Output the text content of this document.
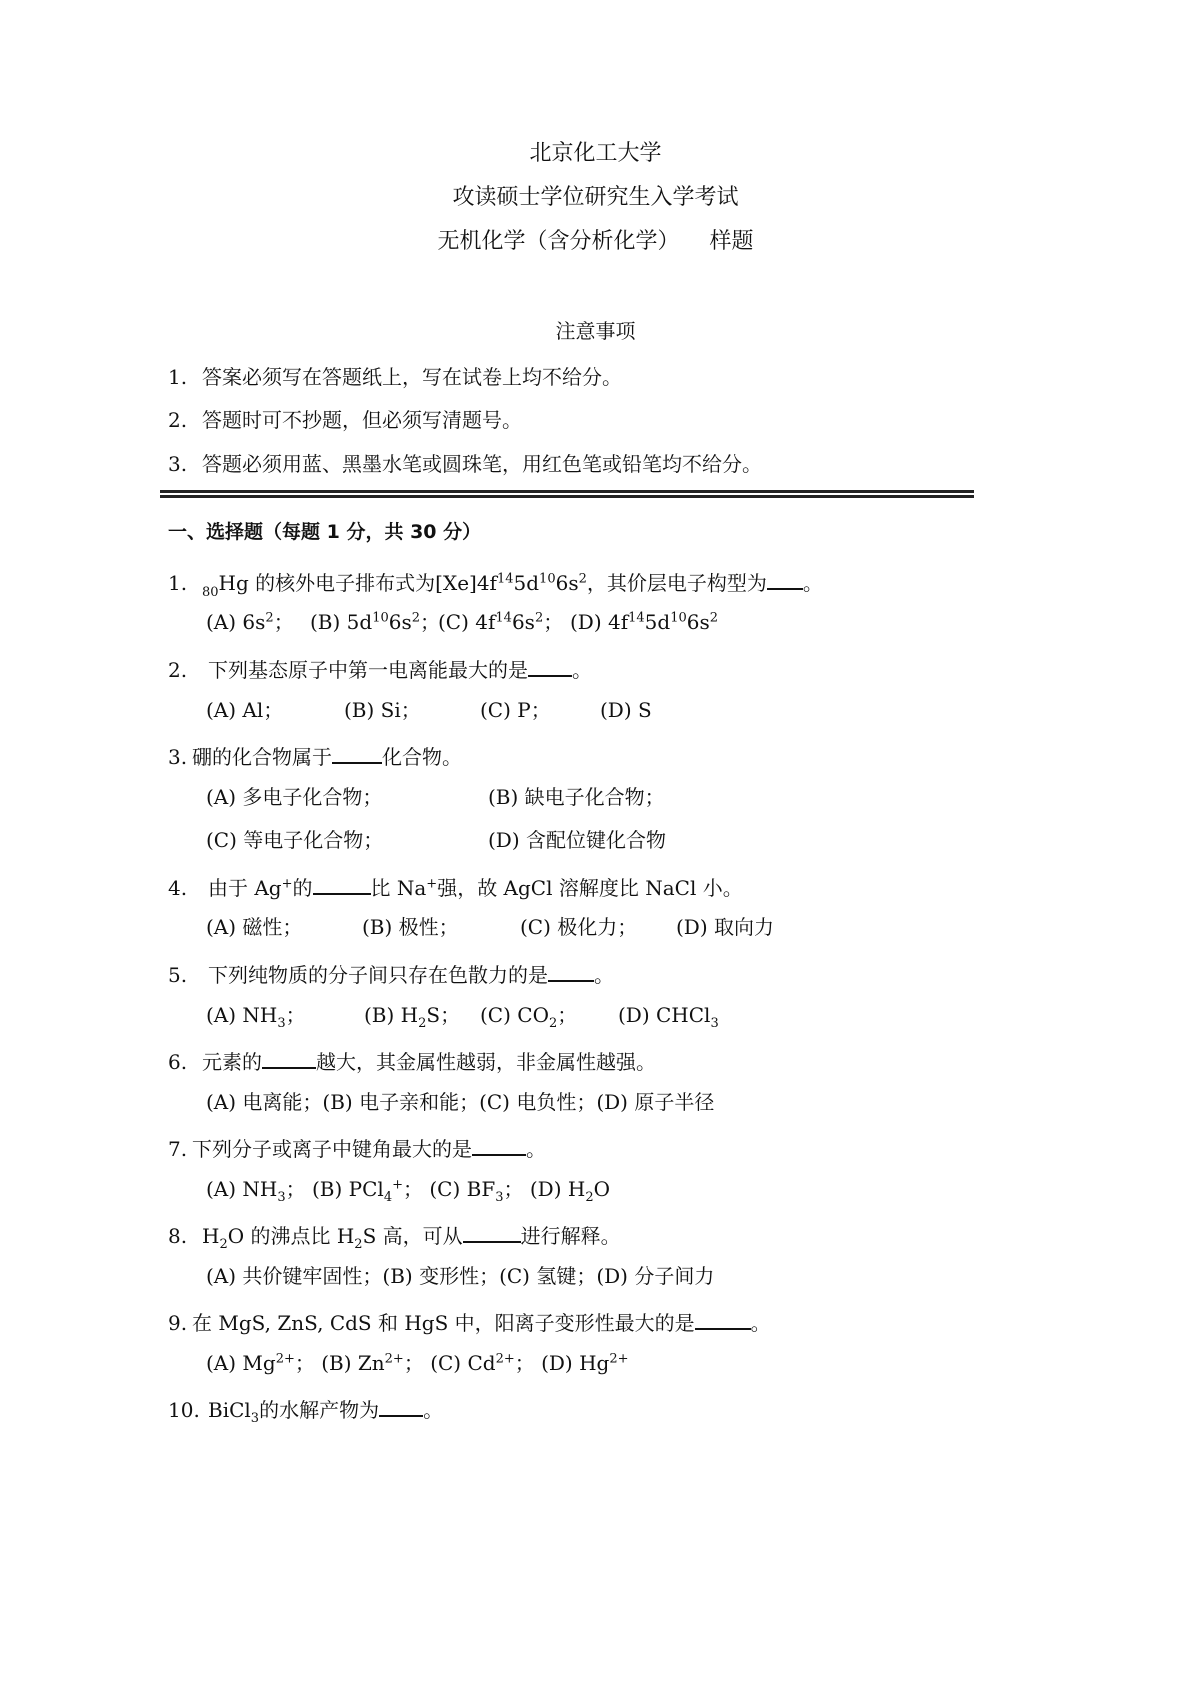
北京化工大学
攻读硕士学位研究生入学考试
无机化学（含分析化学） 样题
注意事项
1. 答案必须写在答题纸上，写在试卷上均不给分。
2. 答题时可不抄题，但必须写清题号。
3. 答题必须用蓝、黑墨水笔或圆珠笔，用红色笔或铅笔均不给分。
一、选择题（每题 1 分，共 30 分）
1. $_{80}$Hg 的核外电子排布式为$[Xe]4f^{14}5d^{10}6s^2$，其价层电子构型为 。
(A) $6s^2$； (B) $5d^{10}6s^2$；
(C) $4f^{14}6s^2$； (D) $4f^{14}5d^{10}6s^2$
2. 下列基态原子中第一电离能最大的是 。
(A) Al；	(B) Si；	(C) P； (D) S
3. 硼的化合物属于	化合物。
(A) 多电子化合物；	(B) 缺电子化合物；
(C) 等电子化合物；	(D) 含配位键化合物
4. 由于 Ag+的	比 Na+强，故 AgCl 溶解度比 NaCl 小。
(A) 磁性；	(B) 极性；	(C) 极化力； (D) 取向力
5. 下列纯物质的分子间只存在色散力的是 。
(A) $NH_3$；	(B) $H_2S$； (C) $CO_2$； (D) CHCl$_3$
6. 元素的	越大，其金属性越弱，非金属性越强。
(A) 电离能；(B) 电子亲和能；(C) 电负性；(D) 原子半径
7. 下列分子或离子中键角最大的是	。
(A) $NH_3$； (B) PCl$_4$+； (C) $BF_3$； (D) $H_2O$
8. $H_2O$ 的沸点比 $H_2S$ 高，可从	进行解释。
(A) 共价键牢固性；(B) 变形性；(C) 氢键；(D) 分子间力
9. 在 MgS, ZnS, CdS 和 HgS 中，阳离子变形性最大的是	。
(A) $Mg^{2+}$； (B) $Zn^{2+}$； (C) $Cd^{2+}$； (D) $Hg^{2+}$
10. BiCl$_3$的水解产物为 。
